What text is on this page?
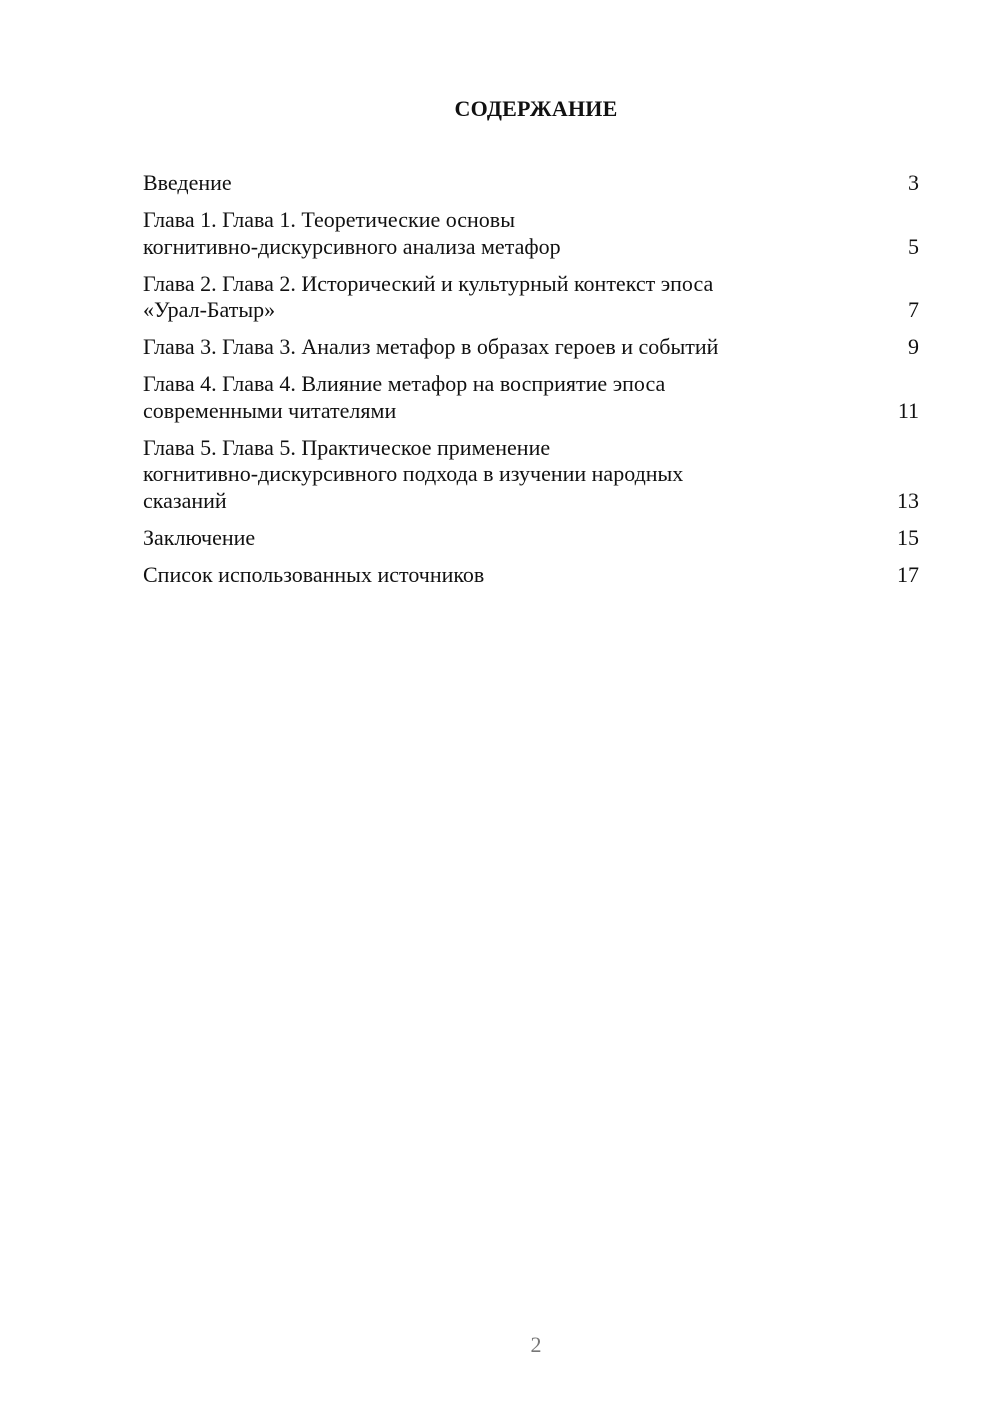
СОДЕРЖАНИЕ
Введение	3
Глава 1. Глава 1. Теоретические основы
когнитивно-дискурсивного анализа метафор	5
Глава 2. Глава 2. Исторический и культурный контекст эпоса
«Урал-Батыр»	7
Глава 3. Глава 3. Анализ метафор в образах героев и событий	9
Глава 4. Глава 4. Влияние метафор на восприятие эпоса
современными читателями	11
Глава 5. Глава 5. Практическое применение
когнитивно-дискурсивного подхода в изучении народных
сказаний	13
Заключение	15
Список использованных источников	17
2
